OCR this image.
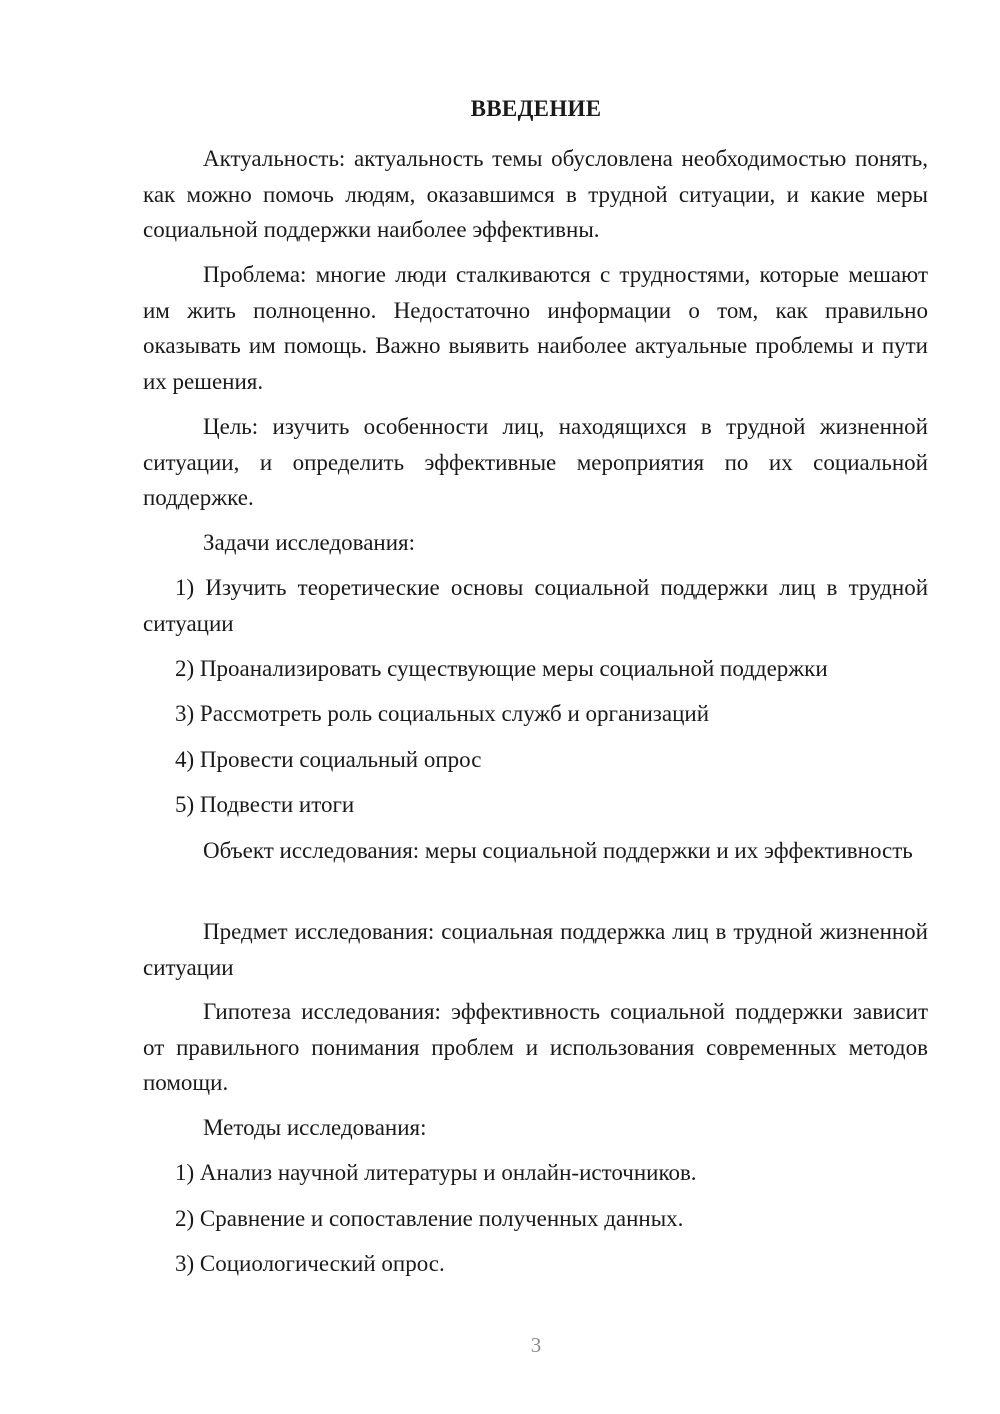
ВВЕДЕНИЕ
Актуальность: актуальность темы обусловлена необходимостью понять, как можно помочь людям, оказавшимся в трудной ситуации, и какие меры социальной поддержки наиболее эффективны.
Проблема: многие люди сталкиваются с трудностями, которые мешают им жить полноценно. Недостаточно информации о том, как правильно оказывать им помощь. Важно выявить наиболее актуальные проблемы и пути их решения.
Цель: изучить особенности лиц, находящихся в трудной жизненной ситуации, и определить эффективные мероприятия по их социальной поддержке.
Задачи исследования:
1) Изучить теоретические основы социальной поддержки лиц в трудной ситуации
2) Проанализировать существующие меры социальной поддержки
3) Рассмотреть роль социальных служб и организаций
4) Провести социальный опрос
5) Подвести итоги
Объект исследования: меры социальной поддержки и их эффективность
Предмет исследования: социальная поддержка лиц в трудной жизненной ситуации
Гипотеза исследования: эффективность социальной поддержки зависит от правильного понимания проблем и использования современных методов помощи.
Методы исследования:
1) Анализ научной литературы и онлайн-источников.
2) Сравнение и сопоставление полученных данных.
3) Социологический опрос.
3
